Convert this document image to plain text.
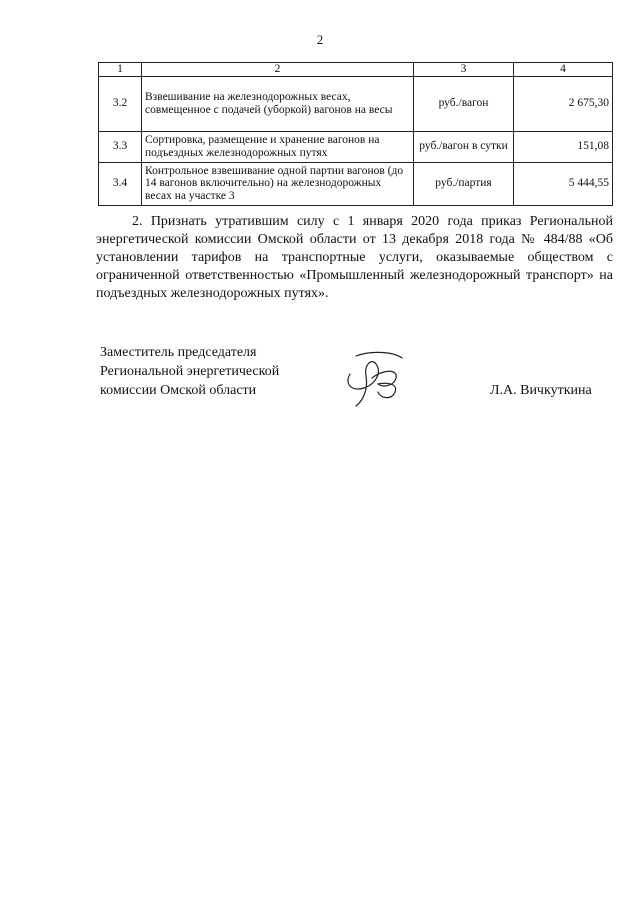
2
1	2	3	4
3.2	Взвешивание на железнодорожных весах, совмещенное с подачей (уборкой) вагонов на весы	руб./вагон	2 675,30
3.3	Сортировка, размещение и хранение вагонов на подъездных железнодорожных путях	руб./вагон в сутки	151,08
3.4	Контрольное взвешивание одной партии вагонов (до 14 вагонов включительно) на железнодорожных весах на участке 3	руб./партия	5 444,55
2. Признать утратившим силу с 1 января 2020 года приказ Региональной энергетической комиссии Омской области от 13 декабря 2018 года № 484/88 «Об установлении тарифов на транспортные услуги, оказываемые обществом с ограниченной ответственностью «Промышленный железнодорожный транспорт» на подъездных железнодорожных путях».
Заместитель председателя
Региональной энергетической
комиссии Омской области	Л.А. Вичкуткина
